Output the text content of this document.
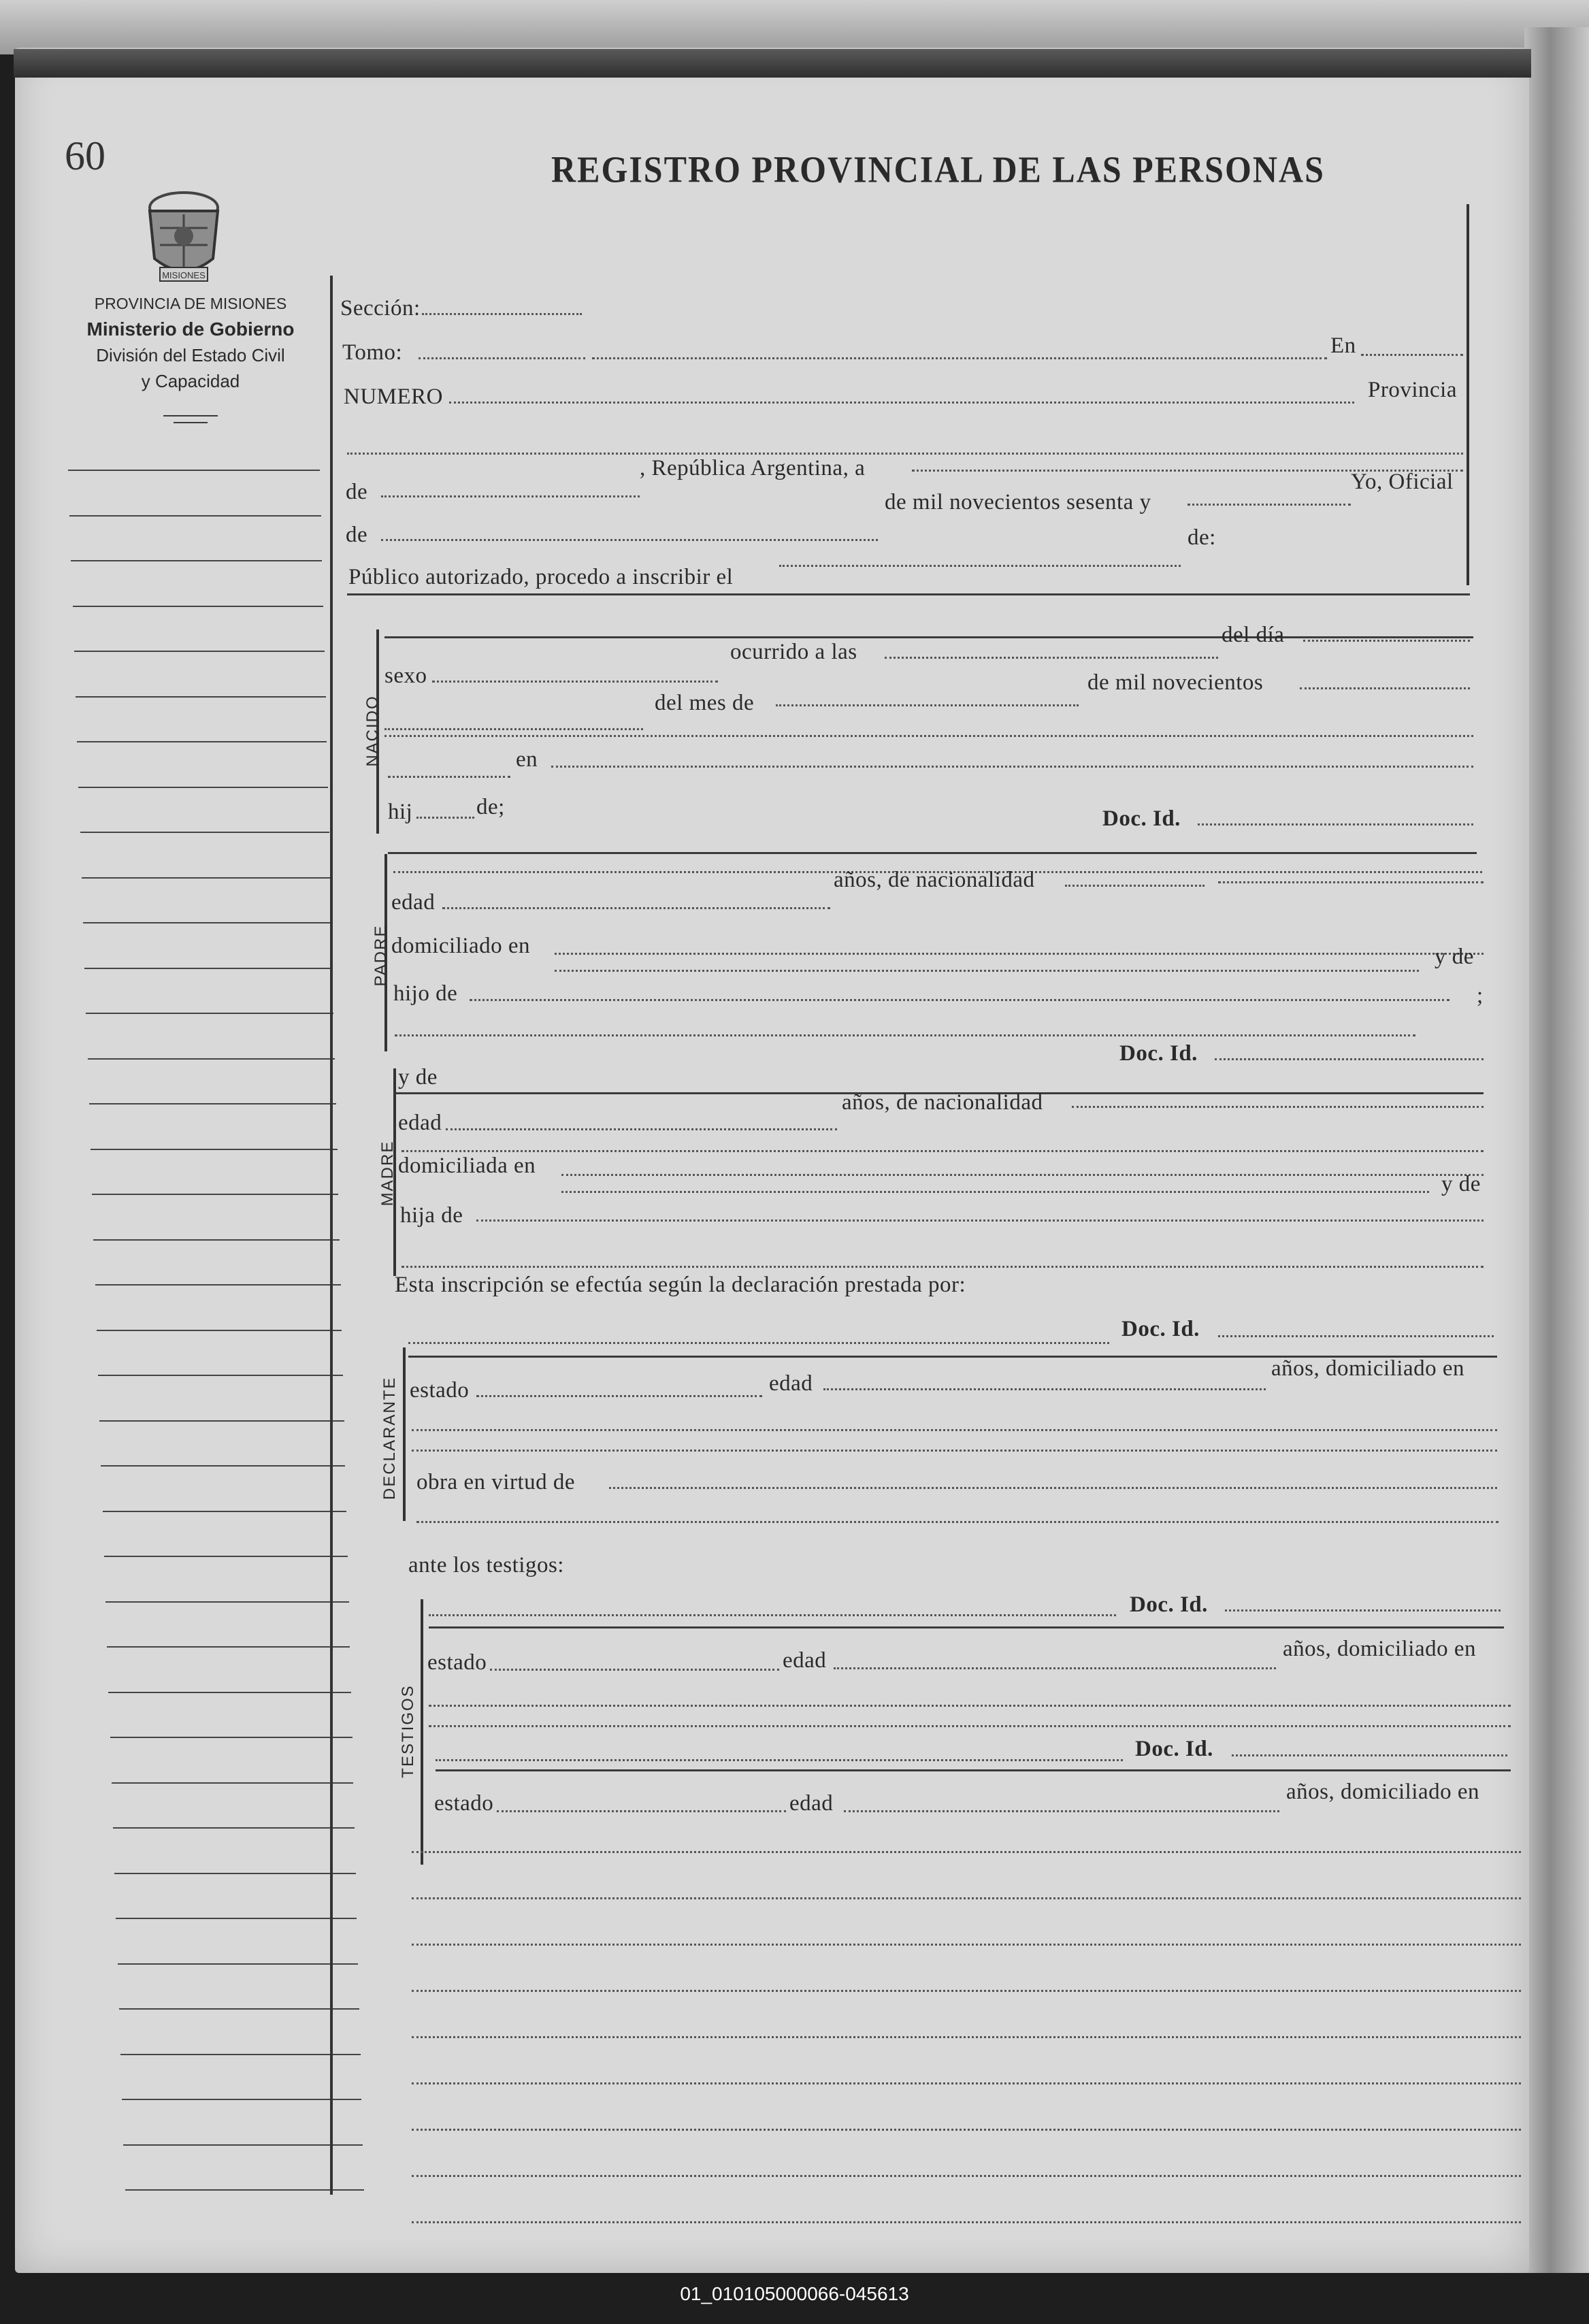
60
MISIONES
PROVINCIA DE MISIONES
Ministerio de Gobierno
División del Estado Civil
y Capacidad
REGISTRO PROVINCIAL DE LAS PERSONAS
Sección:
Tomo:	En
NUMERO	Provincia
de
, República Argentina, a
de
de mil novecientos sesenta y
Yo, Oficial
Público autorizado, procedo a inscribir el
de:
NACIDO
sexo
ocurrido a las
del día
del mes de
de mil novecientos
en
hij	de;	Doc. Id.
PADRE
edad
años, de nacionalidad
domiciliado en	y de
hijo de	;
Doc. Id.
MADRE
y de
edad
años, de nacionalidad
domiciliada en
y de
hija de
Esta inscripción se efectúa según la declaración prestada por:
Doc. Id.
DECLARANTE estado	edad
años, domiciliado en
obra en virtud de
ante los testigos:
TESTIGOS
Doc. Id.
estado	edad	años, domiciliado en
Doc. Id.
estado	edad	años, domiciliado en
01_010105000066-045613
